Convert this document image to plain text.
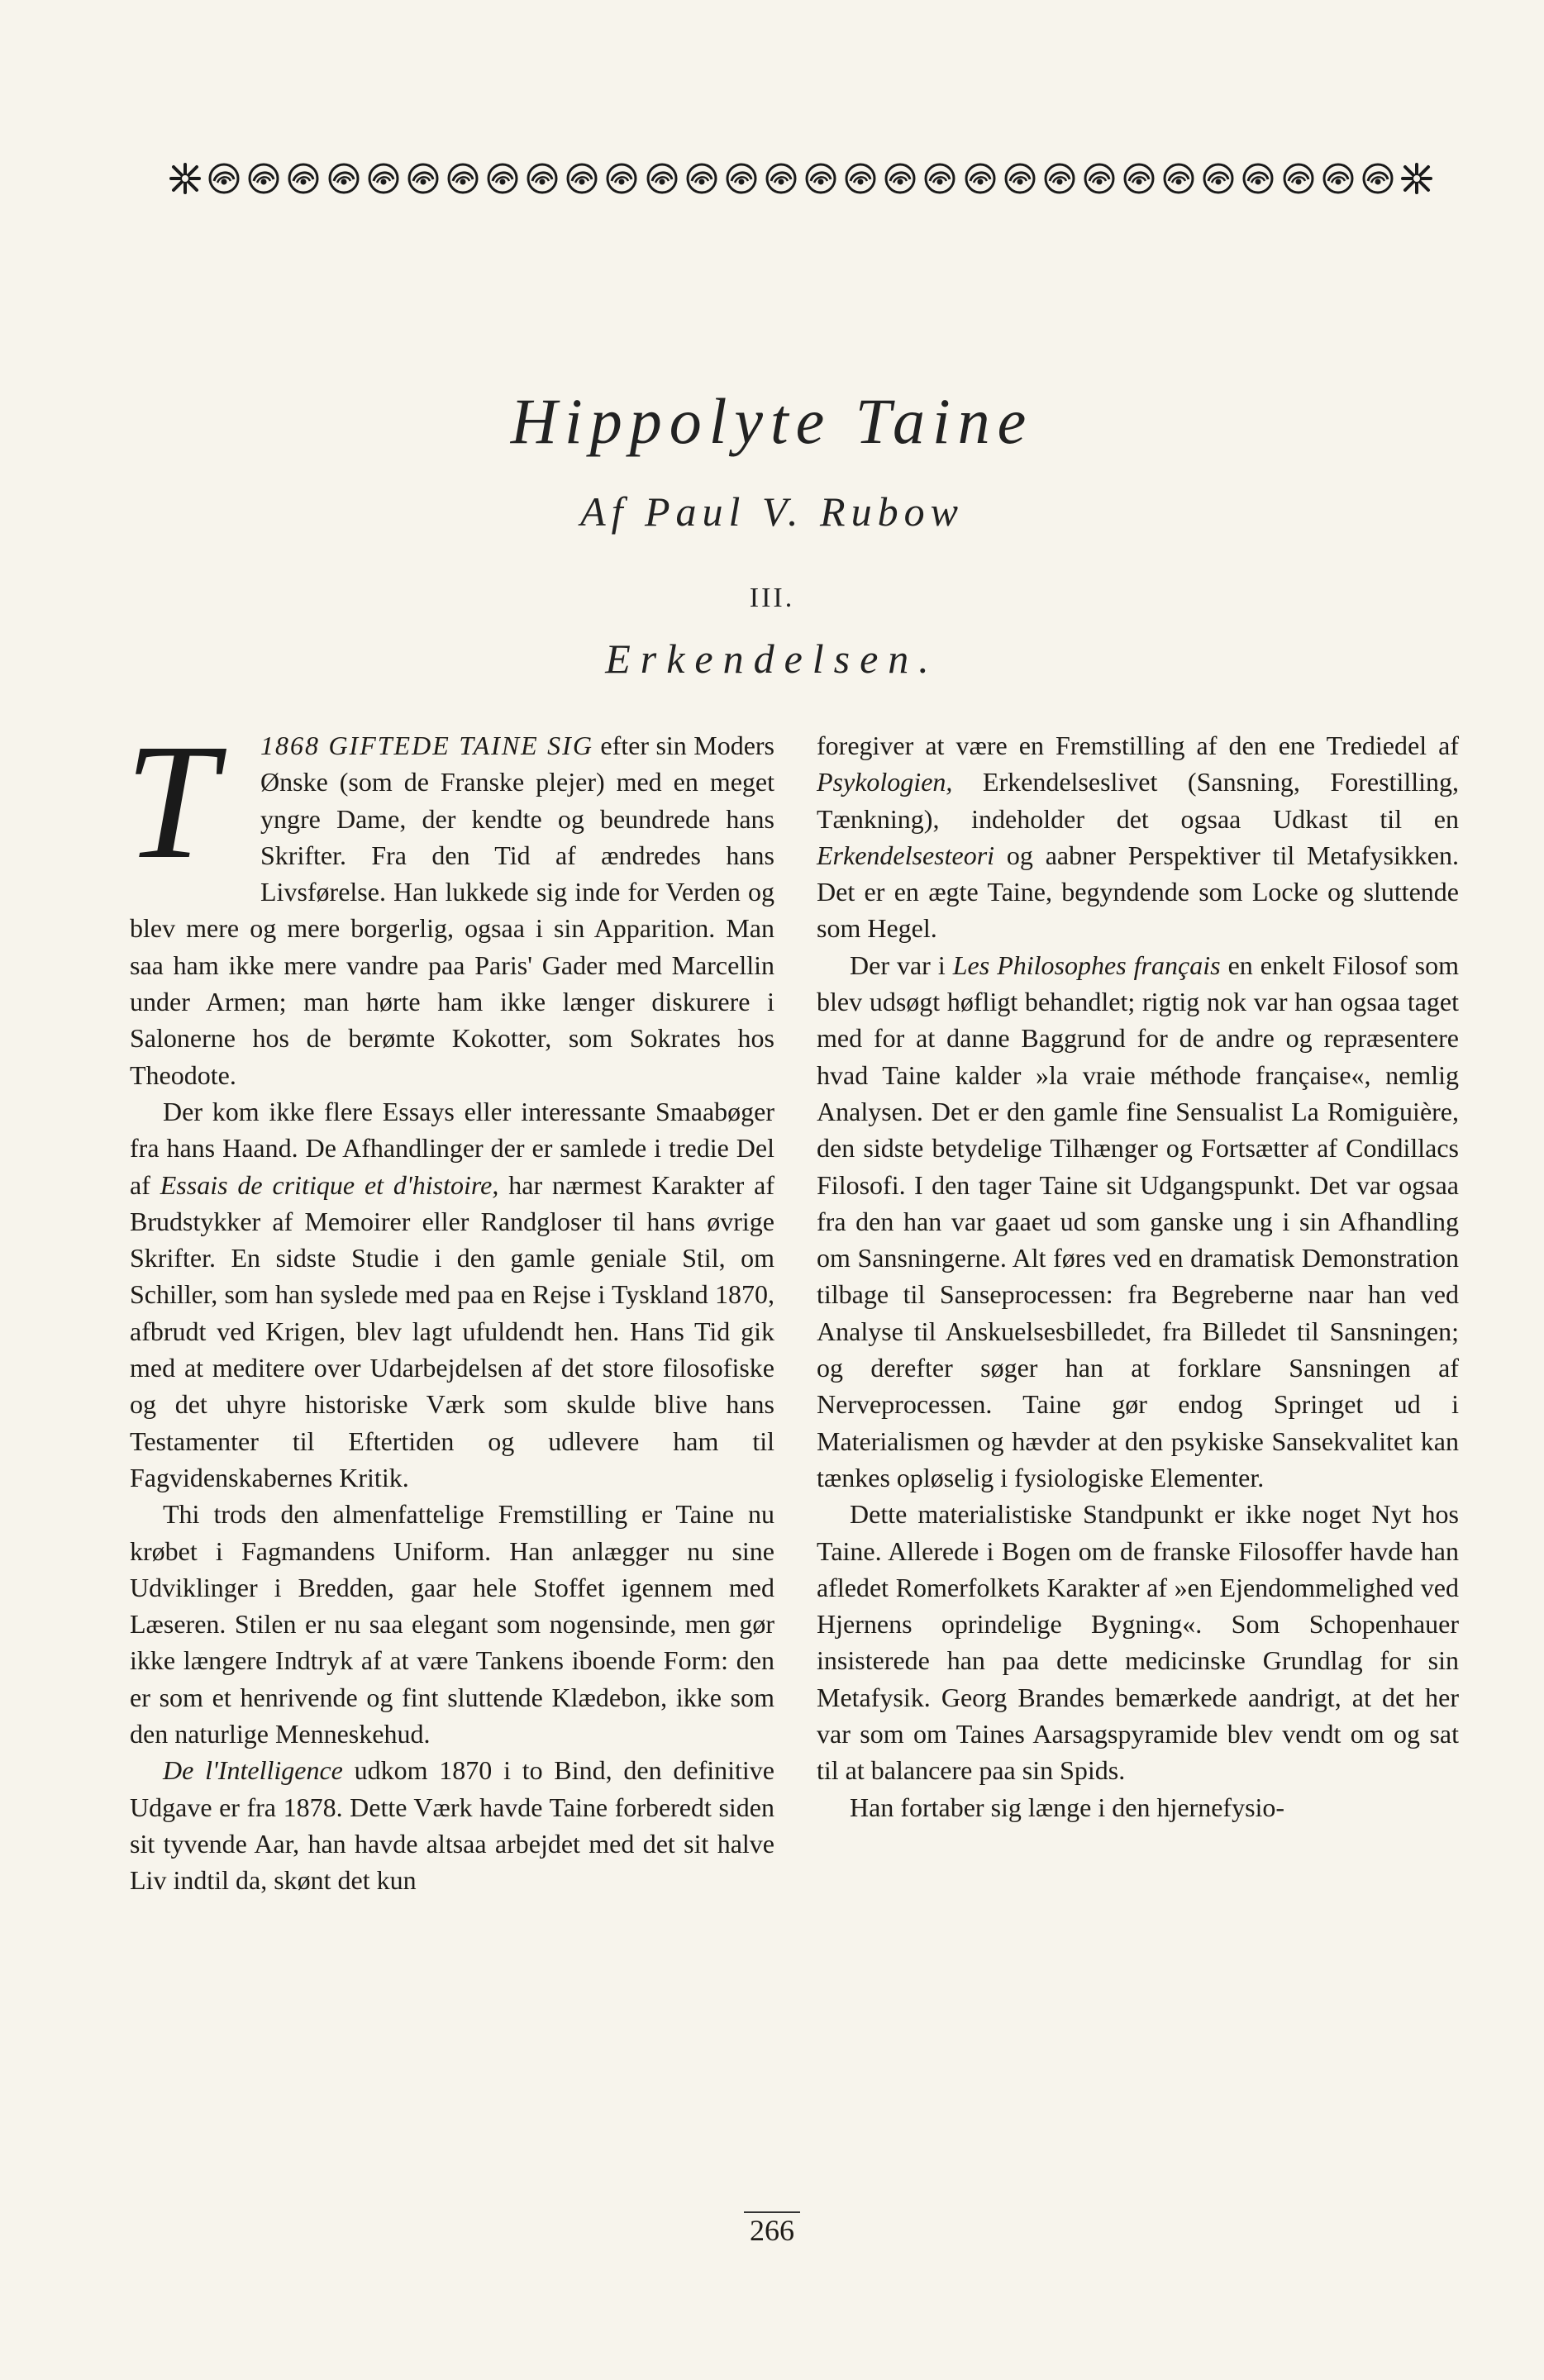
Hippolyte Taine
Af Paul V. Rubow
III.
Erkendelsen.

T	1868 GIFTEDE TAINE SIG efter sin Moders Ønske (som de Franske plejer) med en meget yngre Dame, der kendte og beundrede hans Skrifter. Fra den Tid af ændredes hans Livsførelse. Han lukkede sig inde for Verden og blev mere og mere borgerlig, ogsaa i sin Apparition. Man saa ham ikke mere vandre paa Paris' Gader med Marcellin under Armen; man hørte ham ikke længer diskurere i Salonerne hos de berømte Kokotter, som Sokrates hos Theodote.

Der kom ikke flere Essays eller interessante Smaabøger fra hans Haand. De Afhandlinger der er samlede i tredie Del af Essais de critique et d'histoire, har nærmest Karakter af Brudstykker af Memoirer eller Randgloser til hans øvrige Skrifter. En sidste Studie i den gamle geniale Stil, om Schiller, som han syslede med paa en Rejse i Tyskland 1870, afbrudt ved Krigen, blev lagt ufuldendt hen. Hans Tid gik med at meditere over Udarbejdelsen af det store filosofiske og det uhyre historiske Værk som skulde blive hans Testamenter til Eftertiden og udlevere ham til Fagvidenskabernes Kritik.

Thi trods den almenfattelige Fremstilling er Taine nu krøbet i Fagmandens Uniform. Han anlægger nu sine Udviklinger i Bredden, gaar hele Stoffet igennem med Læseren. Stilen er nu saa elegant som nogensinde, men gør ikke længere Indtryk af at være Tankens iboende Form: den er som et henrivende og fint sluttende Klædebon, ikke som den naturlige Menneskehud.

De l'Intelligence udkom 1870 i to Bind, den definitive Udgave er fra 1878. Dette Værk havde Taine forberedt siden sit tyvende Aar, han havde altsaa arbejdet med det sit halve Liv indtil da, skønt det kun

foregiver at være en Fremstilling af den ene Trediedel af Psykologien, Erkendelseslivet (Sansning, Forestilling, Tænkning), indeholder det ogsaa Udkast til en Erkendelsesteori og aabner Perspektiver til Metafysikken. Det er en ægte Taine, begyndende som Locke og sluttende som Hegel.

Der var i Les Philosophes français en enkelt Filosof som blev udsøgt høfligt behandlet; rigtig nok var han ogsaa taget med for at danne Baggrund for de andre og repræsentere hvad Taine kalder »la vraie méthode française«, nemlig Analysen. Det er den gamle fine Sensualist La Romiguière, den sidste betydelige Tilhænger og Fortsætter af Condillacs Filosofi. I den tager Taine sit Udgangspunkt. Det var ogsaa fra den han var gaaet ud som ganske ung i sin Afhandling om Sansningerne. Alt føres ved en dramatisk Demonstration tilbage til Sanseprocessen: fra Begreberne naar han ved Analyse til Anskuelsesbilledet, fra Billedet til Sansningen; og derefter søger han at forklare Sansningen af Nerveprocessen. Taine gør endog Springet ud i Materialismen og hævder at den psykiske Sansekvalitet kan tænkes opløselig i fysiologiske Elementer.

Dette materialistiske Standpunkt er ikke noget Nyt hos Taine. Allerede i Bogen om de franske Filosoffer havde han afledet Romerfolkets Karakter af »en Ejendommelighed ved Hjernens oprindelige Bygning«. Som Schopenhauer insisterede han paa dette medicinske Grundlag for sin Metafysik. Georg Brandes bemærkede aandrigt, at det her var som om Taines Aarsagspyramide blev vendt om og sat til at balancere paa sin Spids.

Han fortaber sig længe i den hjernefysio-

266
